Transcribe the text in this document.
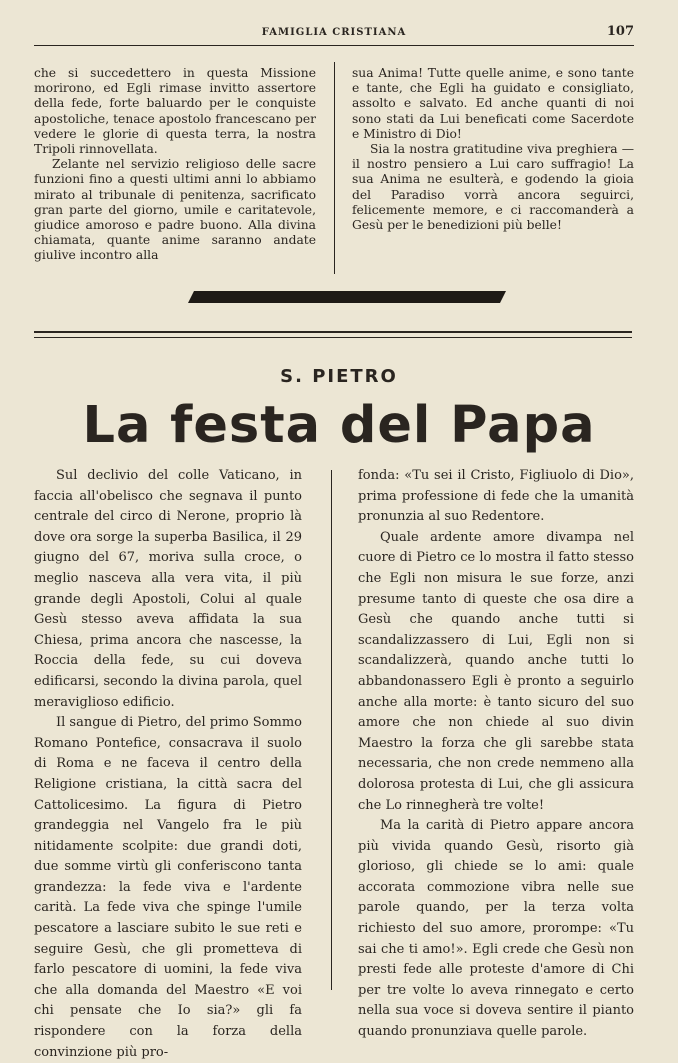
FAMIGLIA CRISTIANA	107

che si succedettero in questa Missione morirono, ed Egli rimase invitto assertore della fede, forte baluardo per le conquiste apostoliche, tenace apostolo francescano per vedere le glorie di questa terra, la nostra Tripoli rinnovellata.

Zelante nel servizio religioso delle sacre funzioni fino a questi ultimi anni lo abbiamo mirato al tribunale di penitenza, sacrificato gran parte del giorno, umile e caritatevole, giudice amoroso e padre buono. Alla divina chiamata, quante anime saranno andate giulive incontro alla

sua Anima! Tutte quelle anime, e sono tante e tante, che Egli ha guidato e consigliato, assolto e salvato. Ed anche quanti di noi sono stati da Lui beneficati come Sacerdote e Ministro di Dio!

Sia la nostra gratitudine viva preghiera — il nostro pensiero a Lui caro suffragio! La sua Anima ne esulterà, e godendo la gioia del Paradiso vorrà ancora seguirci, felicemente memore, e ci raccomanderà a Gesù per le benedizioni più belle!

S. PIETRO
La festa del Papa

Sul declivio del colle Vaticano, in faccia all'obelisco che segnava il punto centrale del circo di Nerone, proprio là dove ora sorge la superba Basilica, il 29 giugno del 67, moriva sulla croce, o meglio nasceva alla vera vita, il più grande degli Apostoli, Colui al quale Gesù stesso aveva affidata la sua Chiesa, prima ancora che nascesse, la Roccia della fede, su cui doveva edificarsi, secondo la divina parola, quel meraviglioso edificio.

Il sangue di Pietro, del primo Sommo Romano Pontefice, consacrava il suolo di Roma e ne faceva il centro della Religione cristiana, la città sacra del Cattolicesimo. La figura di Pietro grandeggia nel Vangelo fra le più nitidamente scolpite: due grandi doti, due somme virtù gli conferiscono tanta grandezza: la fede viva e l'ardente carità. La fede viva che spinge l'umile pescatore a lasciare subito le sue reti e seguire Gesù, che gli prometteva di farlo pescatore di uomini, la fede viva che alla domanda del Maestro «E voi chi pensate che Io sia?» gli fa rispondere con la forza della convinzione più pro-

fonda: «Tu sei il Cristo, Figliuolo di Dio», prima professione di fede che la umanità pronunzia al suo Redentore.

Quale ardente amore divampa nel cuore di Pietro ce lo mostra il fatto stesso che Egli non misura le sue forze, anzi presume tanto di queste che osa dire a Gesù che quando anche tutti si scandalizzassero di Lui, Egli non si scandalizzerà, quando anche tutti lo abbandonassero Egli è pronto a seguirlo anche alla morte: è tanto sicuro del suo amore che non chiede al suo divin Maestro la forza che gli sarebbe stata necessaria, che non crede nemmeno alla dolorosa protesta di Lui, che gli assicura che Lo rinnegherà tre volte!

Ma la carità di Pietro appare ancora più vivida quando Gesù, risorto già glorioso, gli chiede se lo ami: quale accorata commozione vibra nelle sue parole quando, per la terza volta richiesto del suo amore, prorompe: «Tu sai che ti amo!». Egli crede che Gesù non presti fede alle proteste d'amore di Chi per tre volte lo aveva rinnegato e certo nella sua voce si doveva sentire il pianto quando pronunziava quelle parole.
